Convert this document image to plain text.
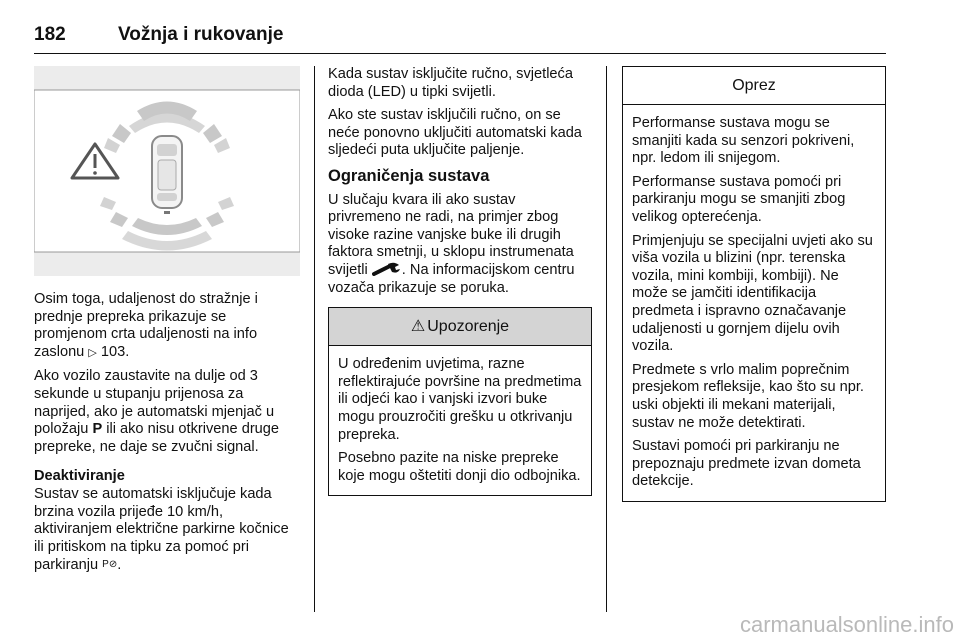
182	Vožnja i rukovanje

Osim toga, udaljenost do stražnje i prednje prepreka prikazuje se promjenom crta udaljenosti na info zaslonu ▷ 103.

Ako vozilo zaustavite na dulje od 3 sekunde u stupanju prijenosa za naprijed, ako je automatski mjenjač u položaju P ili ako nisu otkrivene druge prepreke, ne daje se zvučni signal.

Deaktiviranje

Sustav se automatski isključuje kada brzina vozila prijeđe 10 km/h, aktiviranjem električne parkirne kočnice ili pritiskom na tipku za pomoć pri parkiranju P⊘.

Kada sustav isključite ručno, svjetleća dioda (LED) u tipki svijetli.

Ako ste sustav isključili ručno, on se neće ponovno uključiti automatski kada sljedeći puta uključite paljenje.

Ograničenja sustava

U slučaju kvara ili ako sustav privremeno ne radi, na primjer zbog visoke razine vanjske buke ili drugih faktora smetnji, u sklopu instrumenata svijetli . Na informacijskom centru vozača prikazuje se poruka.

⚠ Upozorenje

U određenim uvjetima, razne reflektirajuće površine na predmetima ili odjeći kao i vanjski izvori buke mogu prouzročiti grešku u otkrivanju prepreka.

Posebno pazite na niske prepreke koje mogu oštetiti donji dio odbojnika.

Oprez

Performanse sustava mogu se smanjiti kada su senzori pokriveni, npr. ledom ili snijegom.

Performanse sustava pomoći pri parkiranju mogu se smanjiti zbog velikog opterećenja.

Primjenjuju se specijalni uvjeti ako su viša vozila u blizini (npr. terenska vozila, mini kombiji, kombiji). Ne može se jamčiti identifikacija predmeta i ispravno označavanje udaljenosti u gornjem dijelu ovih vozila.

Predmete s vrlo malim poprečnim presjekom refleksije, kao što su npr. uski objekti ili mekani materijali, sustav ne može detektirati.

Sustavi pomoći pri parkiranju ne prepoznaju predmete izvan dometa detekcije.

carmanualsonline.info
